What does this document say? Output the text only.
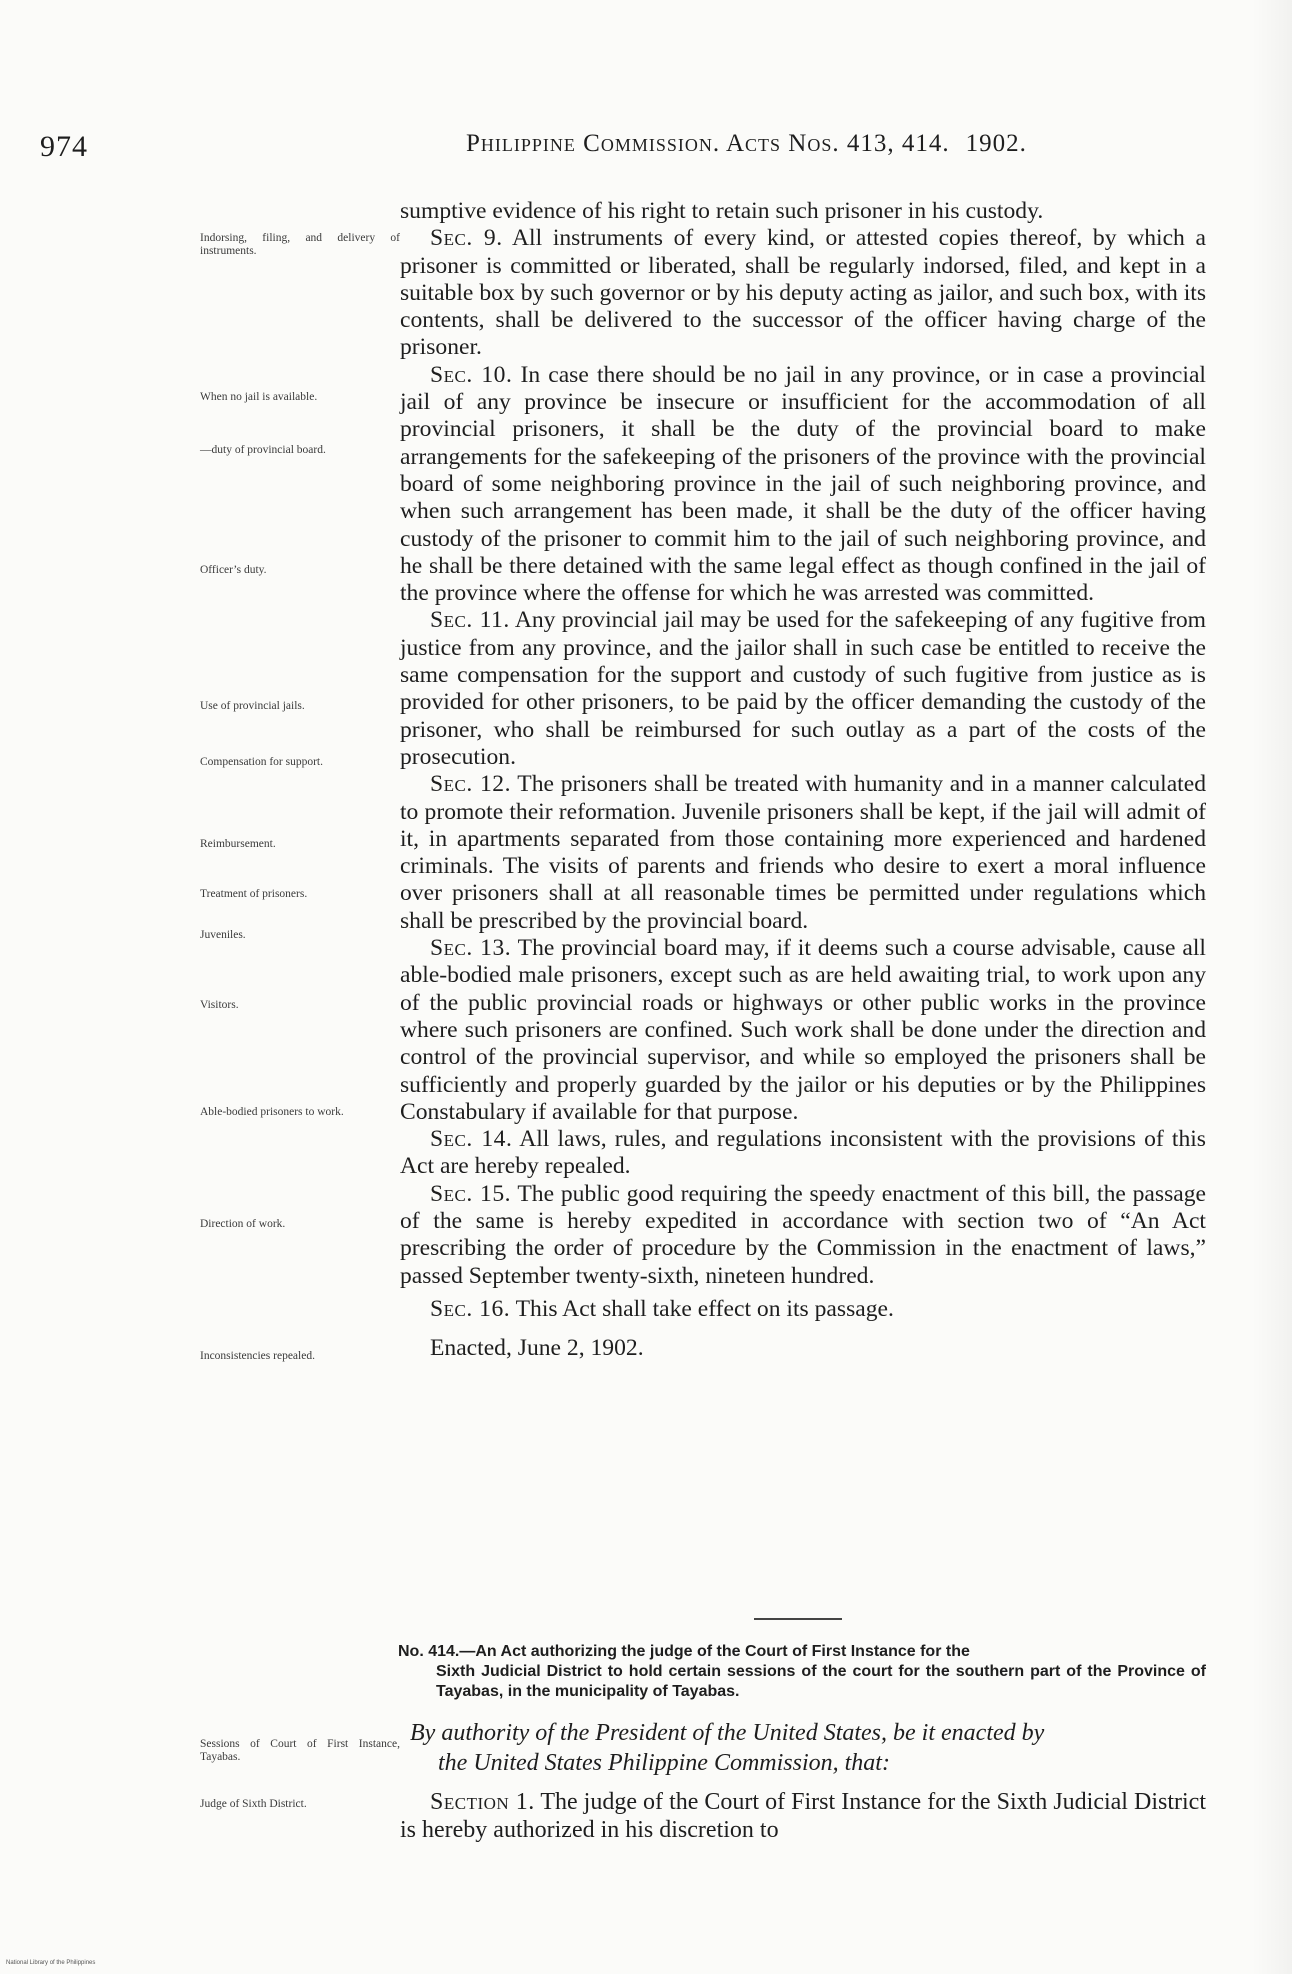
974	Philippine Commission. Acts Nos. 413, 414. 1902.
Indorsing, filing, and delivery of instruments.
When no jail is available.
—duty of provincial board.
Officer’s duty.
Use of provincial jails.
Compensation for support.
Reimbursement.
Treatment of prisoners.
Juveniles.
Visitors.
Able-bodied prisoners to work.
Direction of work.
Inconsistencies repealed.
Sessions of Court of First Instance, Tayabas.
Judge of Sixth District.

sumptive evidence of his right to retain such prisoner in his custody.

Sec. 9. All instruments of every kind, or attested copies thereof, by which a prisoner is committed or liberated, shall be regularly indorsed, filed, and kept in a suitable box by such governor or by his deputy acting as jailor, and such box, with its contents, shall be delivered to the successor of the officer having charge of the prisoner.

Sec. 10. In case there should be no jail in any province, or in case a provincial jail of any province be insecure or insufficient for the accommodation of all provincial prisoners, it shall be the duty of the provincial board to make arrangements for the safekeeping of the prisoners of the province with the provincial board of some neighboring province in the jail of such neighboring province, and when such arrangement has been made, it shall be the duty of the officer having custody of the prisoner to commit him to the jail of such neighboring province, and he shall be there detained with the same legal effect as though confined in the jail of the province where the offense for which he was arrested was committed.

Sec. 11. Any provincial jail may be used for the safekeeping of any fugitive from justice from any province, and the jailor shall in such case be entitled to receive the same compensation for the support and custody of such fugitive from justice as is provided for other prisoners, to be paid by the officer demanding the custody of the prisoner, who shall be reimbursed for such outlay as a part of the costs of the prosecution.

Sec. 12. The prisoners shall be treated with humanity and in a manner calculated to promote their reformation. Juvenile prisoners shall be kept, if the jail will admit of it, in apartments separated from those containing more experienced and hardened criminals. The visits of parents and friends who desire to exert a moral influence over prisoners shall at all reasonable times be permitted under regulations which shall be prescribed by the provincial board.

Sec. 13. The provincial board may, if it deems such a course advisable, cause all able-bodied male prisoners, except such as are held awaiting trial, to work upon any of the public provincial roads or highways or other public works in the province where such prisoners are confined. Such work shall be done under the direction and control of the provincial supervisor, and while so employed the prisoners shall be sufficiently and properly guarded by the jailor or his deputies or by the Philippines Constabulary if available for that purpose.

Sec. 14. All laws, rules, and regulations inconsistent with the provisions of this Act are hereby repealed.

Sec. 15. The public good requiring the speedy enactment of this bill, the passage of the same is hereby expedited in accordance with section two of “An Act prescribing the order of procedure by the Commission in the enactment of laws,” passed September twenty-sixth, nineteen hundred.

Sec. 16. This Act shall take effect on its passage.

Enacted, June 2, 1902.

No. 414.—An Act authorizing the judge of the Court of First Instance for the
Sixth Judicial District to hold certain sessions of the court for the southern part of the Province of Tayabas, in the municipality of Tayabas.
By authority of the President of the United States, be it enacted by
the United States Philippine Commission, that:
Section 1. The judge of the Court of First Instance for the Sixth Judicial District is hereby authorized in his discretion to
National Library of the Philippines
